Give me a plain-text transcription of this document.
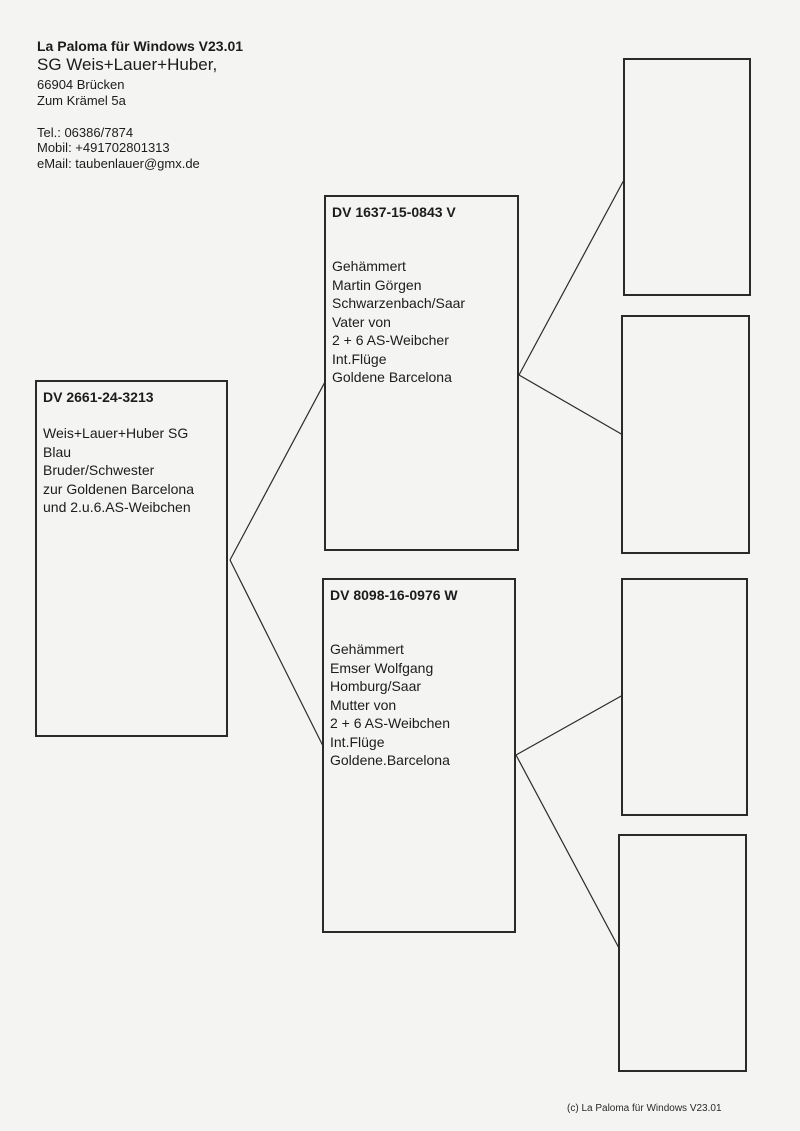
La Paloma für Windows V23.01

SG Weis+Lauer+Huber,

66904 Brücken

Zum Krämel 5a

Tel.: 06386/7874

Mobil: +491702801313

eMail: taubenlauer@gmx.de

DV 2661-24-3213

Weis+Lauer+Huber SG

Blau

Bruder/Schwester

zur Goldenen Barcelona

und 2.u.6.AS-Weibchen

DV 1637-15-0843 V

Gehämmert

Martin Görgen

Schwarzenbach/Saar

Vater von

2 + 6 AS-Weibcher

Int.Flüge

Goldene Barcelona

DV 8098-16-0976 W

Gehämmert

Emser Wolfgang

Homburg/Saar

Mutter von

2 + 6 AS-Weibchen

Int.Flüge

Goldene.Barcelona

(c) La Paloma für Windows V23.01
